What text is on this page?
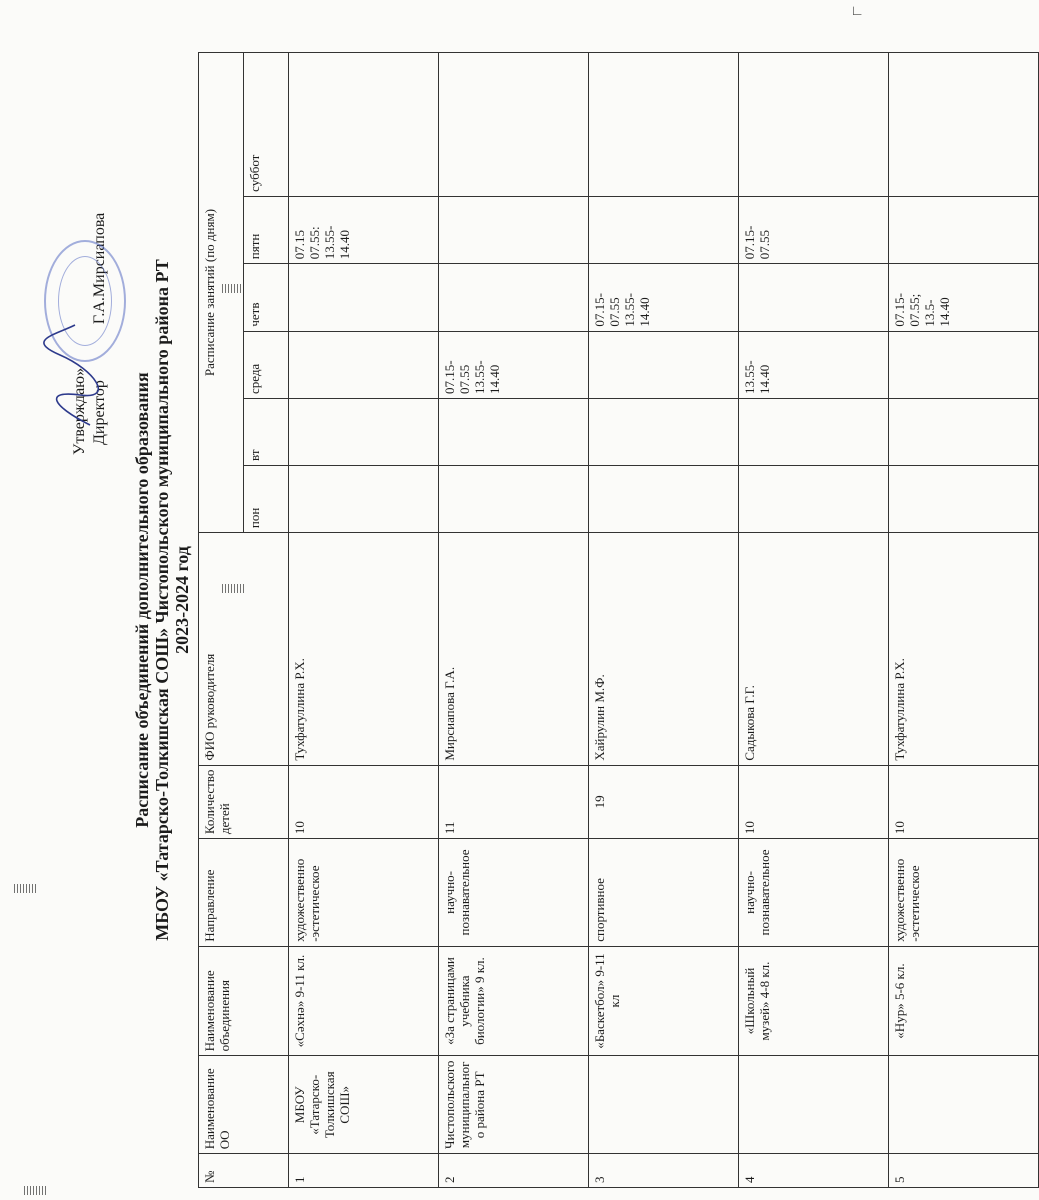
∟
Утверждаю» Директор  Г.А.Мирсиапова
Расписание объединений дополнительного образования МБОУ «Татарско-Толкишская СОШ» Чистопольского муниципального района РТ 2023-2024 год
№	Наименование ОО	Наименование объединения	Направление	Количество детей	ФИО руководителя	Расписание занятий (по дням)					
						пон	вт	среда	четв	пятн	суббот
1	МБОУ «Татарско-Толкишская СОШ»	«Сәхнә» 9-11 кл.	художественно -эстетическое	10	Тухфатуллина Р.Х.					07.15 07.55: 13.55- 14.40	
2	Чистопольского муниципальног о района РТ	«За страницами учебника биологии» 9 кл.	научно-познавательное	11	Мирсиапова Г.А.			07.15- 07.55 13.55- 14.40			
3		«Баскетбол» 9-11 кл	спортивное	19	Хайрулин М.Ф.				07.15- 07.55 13.55- 14.40		
4		«Школьный музей» 4-8 кл.	научно-познавательное	10	Садыкова Г.Г.			13.55- 14.40		07.15- 07.55	
5		«Нур» 5-6 кл.	художественно -эстетическое	10	Тухфатуллина Р.Х.				07.15- 07.55; 13.5- 14.40		
